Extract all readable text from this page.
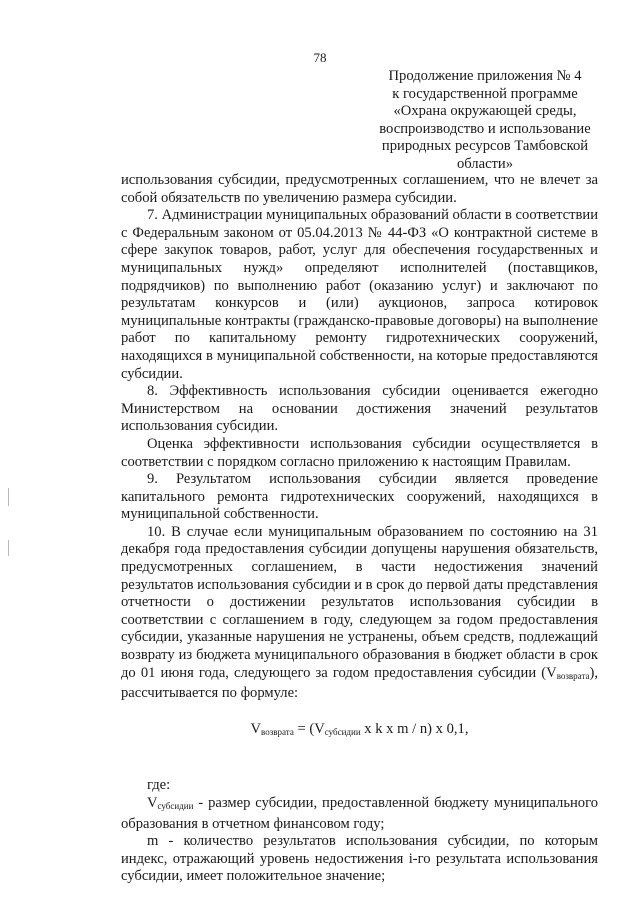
78
Продолжение приложения № 4
к государственной программе
«Охрана окружающей среды,
воспроизводство и использование
природных ресурсов Тамбовской
области»

использования субсидии, предусмотренных соглашением, что не влечет за собой обязательств по увеличению размера субсидии.

7. Администрации муниципальных образований области в соответствии с Федеральным законом от 05.04.2013 № 44-ФЗ «О контрактной системе в сфере закупок товаров, работ, услуг для обеспечения государственных и муниципальных нужд» определяют исполнителей (поставщиков, подрядчиков) по выполнению работ (оказанию услуг) и заключают по результатам конкурсов и (или) аукционов, запроса котировок муниципальные контракты (гражданско-правовые договоры) на выполнение работ по капитальному ремонту гидротехнических сооружений, находящихся в муниципальной собственности, на которые предоставляются субсидии.

8. Эффективность использования субсидии оценивается ежегодно Министерством на основании достижения значений результатов использования субсидии.

Оценка эффективности использования субсидии осуществляется в соответствии с порядком согласно приложению к настоящим Правилам.

9. Результатом использования субсидии является проведение капитального ремонта гидротехнических сооружений, находящихся в муниципальной собственности.

10. В случае если муниципальным образованием по состоянию на 31 декабря года предоставления субсидии допущены нарушения обязательств, предусмотренных соглашением, в части недостижения значений результатов использования субсидии и в срок до первой даты представления отчетности о достижении результатов использования субсидии в соответствии с соглашением в году, следующем за годом предоставления субсидии, указанные нарушения не устранены, объем средств, подлежащий возврату из бюджета муниципального образования в бюджет области в срок до 01 июня года, следующего за годом предоставления субсидии $(V_{возврата})$, рассчитывается по формуле:

$V_{возврата} = (V_{субсидии}$ x k x m / n) x 0,1,

где:

$V_{субсидии}$ - размер субсидии, предоставленной бюджету муниципального образования в отчетном финансовом году;

m - количество результатов использования субсидии, по которым индекс, отражающий уровень недостижения i-го результата использования субсидии, имеет положительное значение;
